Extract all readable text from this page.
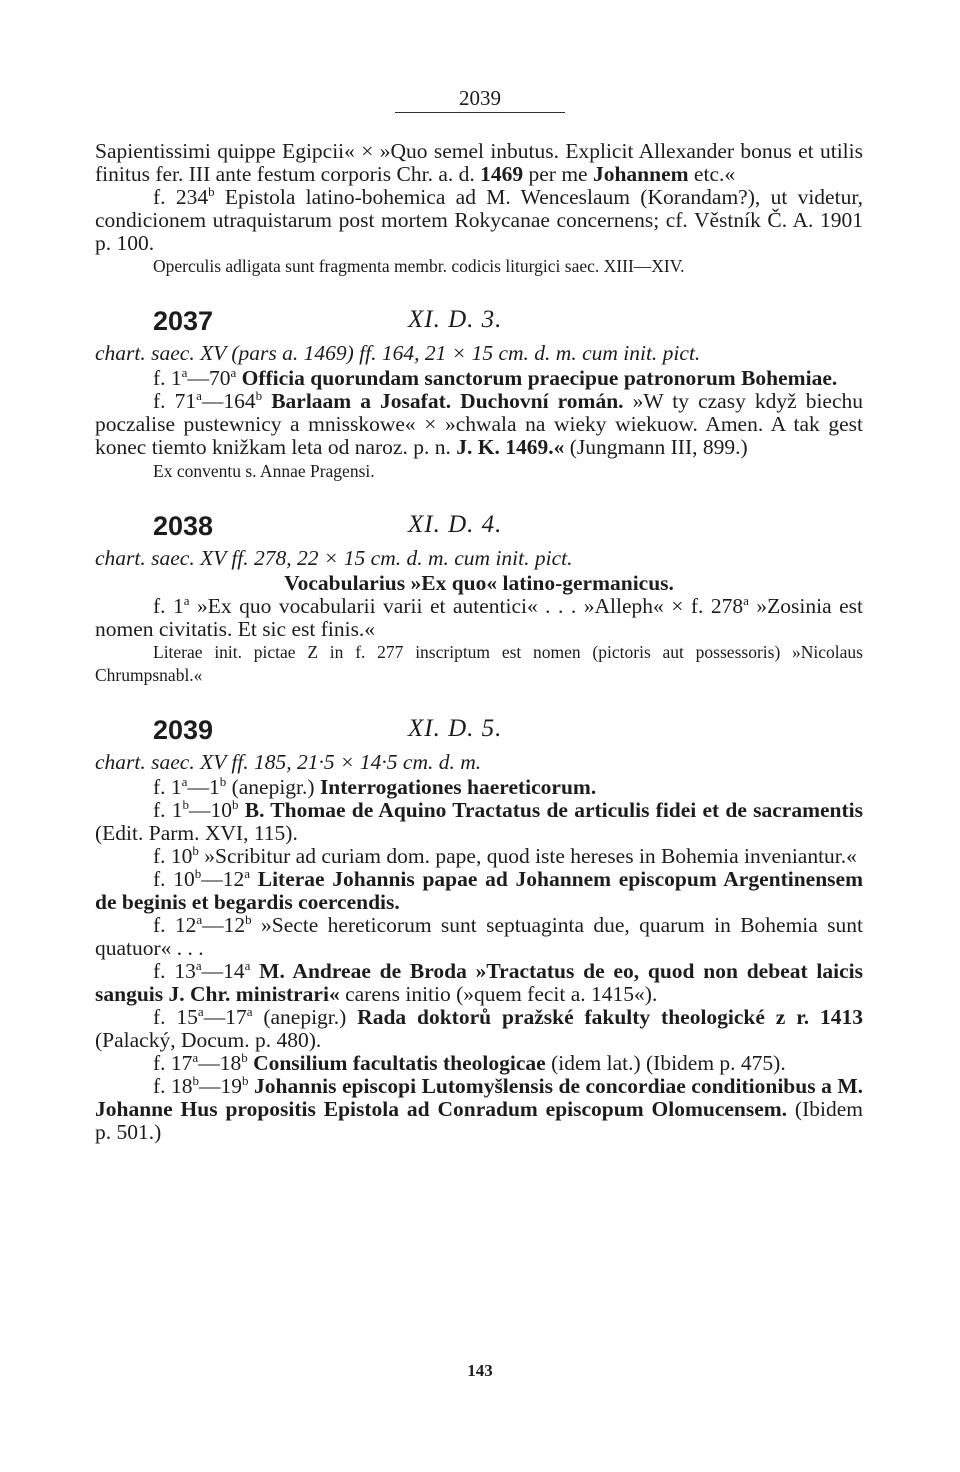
2039

Sapientissimi quippe Egipcii« × »Quo semel inbutus. Explicit Allexander bonus et utilis finitus fer. III ante festum corporis Chr. a. d. 1469 per me Johannem etc.«

f. 234$^b$ Epistola latino-bohemica ad M. Wenceslaum (Korandam?), ut videtur, condicionem utraquistarum post mortem Rokycanae concernens; cf. Věstník Č. A. 1901 p. 100.

Operculis adligata sunt fragmenta membr. codicis liturgici saec. XIII—XIV.

2037	XI. D. 3.

chart. saec. XV (pars a. 1469) ff. 164, 21 × 15 cm. d. m. cum init. pict.

f. 1$^a$—70$^a$ Officia quorundam sanctorum praecipue patronorum Bohemiae.

f. 71$^a$—164$^b$ Barlaam a Josafat. Duchovní román. »W ty czasy když biechu poczalise pustewnicy a mnisskowe« × »chwala na wieky wiekuow. Amen. A tak gest konec tiemto knižkam leta od naroz. p. n. J. K. 1469.« (Jungmann III, 899.)

Ex conventu s. Annae Pragensi.

2038	XI. D. 4.

chart. saec. XV ff. 278, 22 × 15 cm. d. m. cum init. pict.

Vocabularius »Ex quo« latino-germanicus.

f. 1$^a$ »Ex quo vocabularii varii et autentici« . . . »Alleph« × f. 278$^a$ »Zosinia est nomen civitatis. Et sic est finis.«

Literae init. pictae Z in f. 277 inscriptum est nomen (pictoris aut possessoris) »Nicolaus Chrumpsnabl.«

2039	XI. D. 5.

chart. saec. XV ff. 185, 21·5 × 14·5 cm. d. m.

f. 1$^a$—1$^b$ (anepigr.) Interrogationes haereticorum.

f. 1$^b$—10$^b$ B. Thomae de Aquino Tractatus de articulis fidei et de sacramentis (Edit. Parm. XVI, 115).

f. 10$^b$ »Scribitur ad curiam dom. pape, quod iste hereses in Bohemia inveniantur.«

f. 10$^b$—12$^a$ Literae Johannis papae ad Johannem episcopum Argentinensem de beginis et begardis coercendis.

f. 12$^a$—12$^b$ »Secte hereticorum sunt septuaginta due, quarum in Bohemia sunt quatuor« . . .

f. 13$^a$—14$^a$ M. Andreae de Broda »Tractatus de eo, quod non debeat laicis sanguis J. Chr. ministrari« carens initio (»quem fecit a. 1415«).

f. 15$^a$—17$^a$ (anepigr.) Rada doktorů pražské fakulty theologické z r. 1413 (Palacký, Docum. p. 480).

f. 17$^a$—18$^b$ Consilium facultatis theologicae (idem lat.) (Ibidem p. 475).

f. 18$^b$—19$^b$ Johannis episcopi Lutomyšlensis de concordiae conditionibus a M. Johanne Hus propositis Epistola ad Conradum episcopum Olomucensem. (Ibidem p. 501.)

143
